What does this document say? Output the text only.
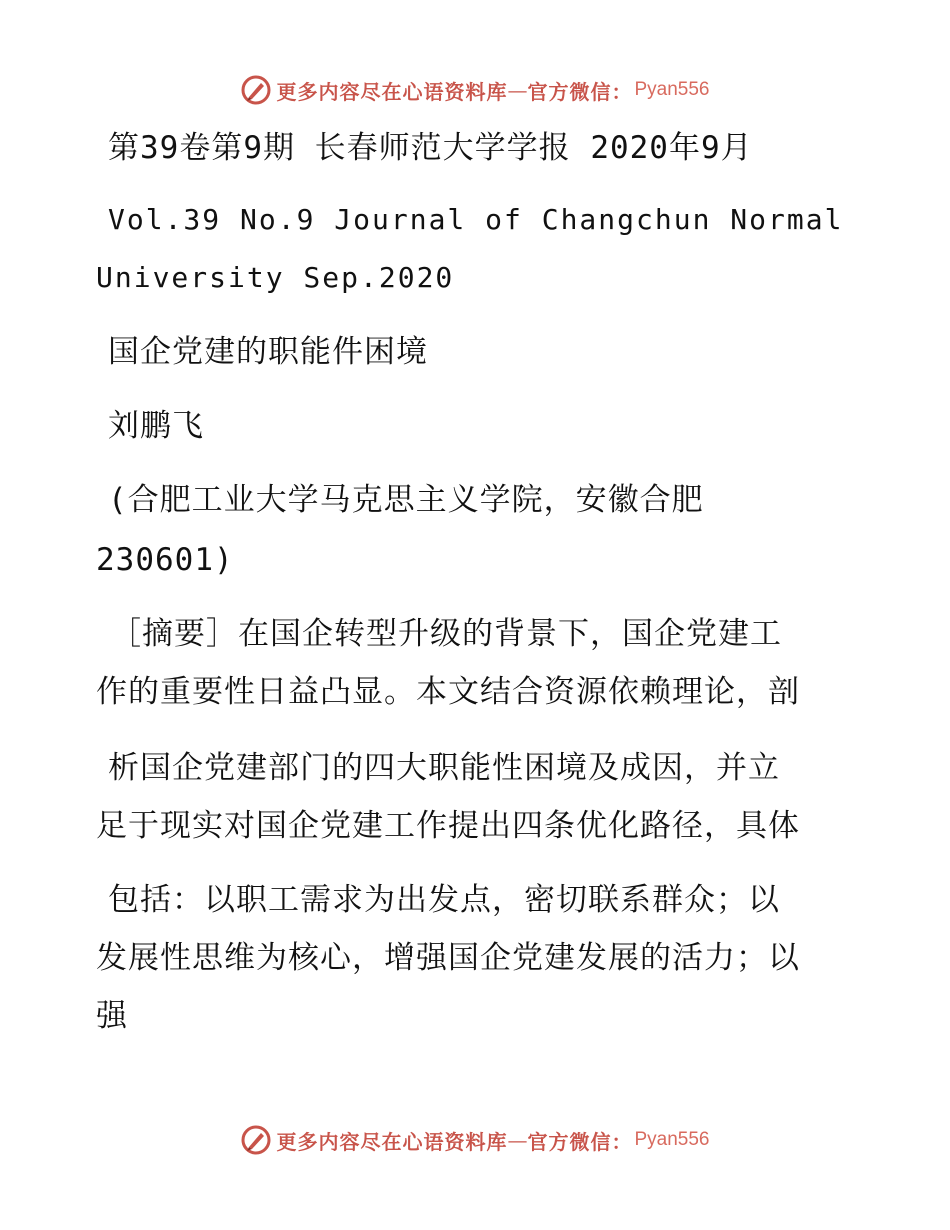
更多内容尽在心语资料库 — 官方微信： Pyan556
第39卷第9期 长春师范大学学报 2020年9月
Vol.39 No.9 Journal of Changchun Normal
University Sep.2020
国企党建的职能件困境
刘鹏飞
(合肥工业大学马克思主义学院，安徽合肥
230601)
［摘要］在国企转型升级的背景下，国企党建工
作的重要性日益凸显。本文结合资源依赖理论，剖
析国企党建部门的四大职能性困境及成因，并立
足于现实对国企党建工作提出四条优化路径，具体
包括：以职工需求为出发点，密切联系群众；以
发展性思维为核心，增强国企党建发展的活力；以
强
更多内容尽在心语资料库 — 官方微信： Pyan556
